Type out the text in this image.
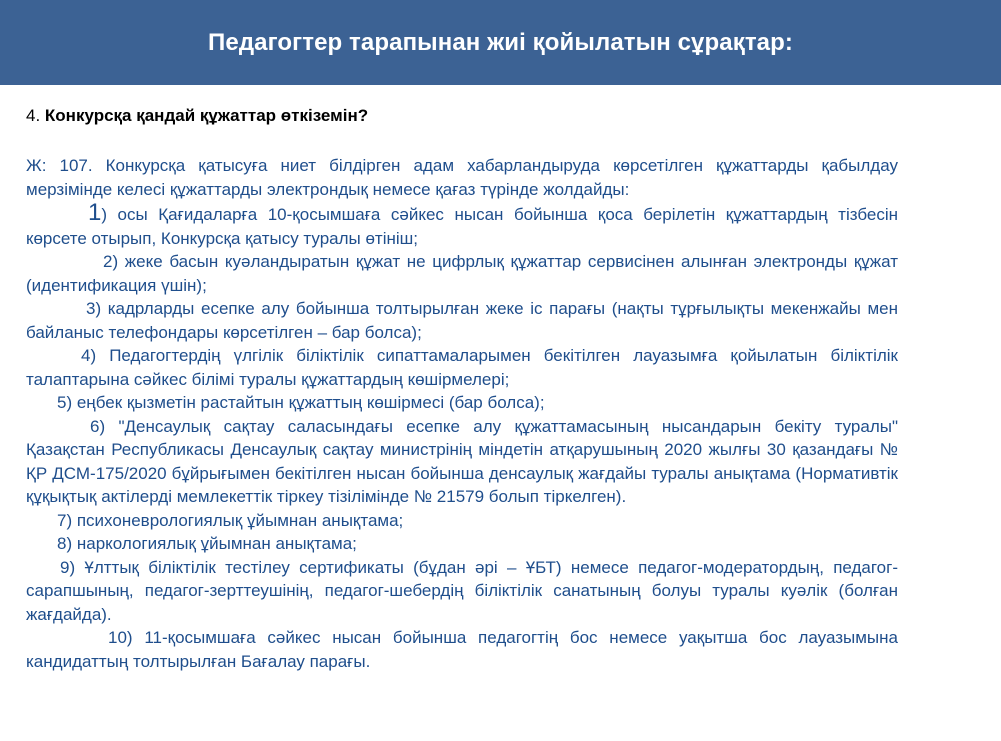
Педагогтер тарапынан жиі қойылатын сұрақтар:
4. Конкурсқа қандай құжаттар өткіземін?

Ж: 107. Конкурсқа қатысуға ниет білдірген адам хабарландыруда көрсетілген құжаттарды қабылдау мерзімінде келесі құжаттарды электрондық немесе қағаз түрінде жолдайды:

1) осы Қағидаларға 10-қосымшаға сәйкес нысан бойынша қоса берілетін құжаттардың тізбесін көрсете отырып, Конкурсқа қатысу туралы өтініш;

2) жеке басын куәландыратын құжат не цифрлық құжаттар сервисінен алынған электронды құжат (идентификация үшін);

3) кадрларды есепке алу бойынша толтырылған жеке іс парағы (нақты тұрғылықты мекенжайы мен байланыс телефондары көрсетілген – бар болса);

4) Педагогтердің үлгілік біліктілік сипаттамаларымен бекітілген лауазымға қойылатын біліктілік талаптарына сәйкес білімі туралы құжаттардың көшірмелері;

5) еңбек қызметін растайтын құжаттың көшірмесі (бар болса);

6) "Денсаулық сақтау саласындағы есепке алу құжаттамасының нысандарын бекіту туралы" Қазақстан Республикасы Денсаулық сақтау министрінің міндетін атқарушының 2020 жылғы 30 қазандағы № ҚР ДСМ-175/2020 бұйрығымен бекітілген нысан бойынша денсаулық жағдайы туралы анықтама (Нормативтік құқықтық актілерді мемлекеттік тіркеу тізілімінде № 21579 болып тіркелген).

7) психоневрологиялық ұйымнан анықтама;

8) наркологиялық ұйымнан анықтама;

9) Ұлттық біліктілік тестілеу сертификаты (бұдан әрі – ҰБТ) немесе педагог-модератордың, педагог-сарапшының, педагог-зерттеушінің, педагог-шебердің біліктілік санатының болуы туралы куәлік (болған жағдайда).

10) 11-қосымшаға сәйкес нысан бойынша педагогтің бос немесе уақытша бос лауазымына кандидаттың толтырылған Бағалау парағы.
